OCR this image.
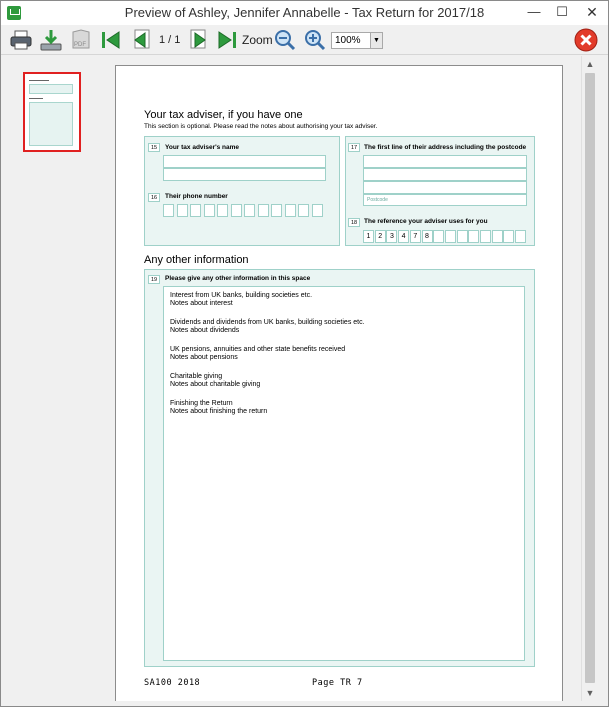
Preview of Ashley, Jennifer Annabelle - Tax Return for 2017/18	—	☐	✕
PDF	1 / 1	Zoom	100%	▼
Your tax adviser, if you have one
This section is optional. Please read the notes about authorising your tax adviser.
15	Your tax adviser's name
16	Their phone number
17	The first line of their address including the postcode
Postcode
18	The reference your adviser uses for you
1	2	3	4	7	8
Any other information
19	Please give any other information in this space
Interest from UK banks, building societies etc.
Notes about interest
Dividends and dividends from UK banks, building societies etc.
Notes about dividends
UK pensions, annuities and other state benefits received
Notes about pensions
Charitable giving
Notes about charitable giving
Finishing the Return
Notes about finishing the return
SA100 2018	Page TR 7
▲
▼
